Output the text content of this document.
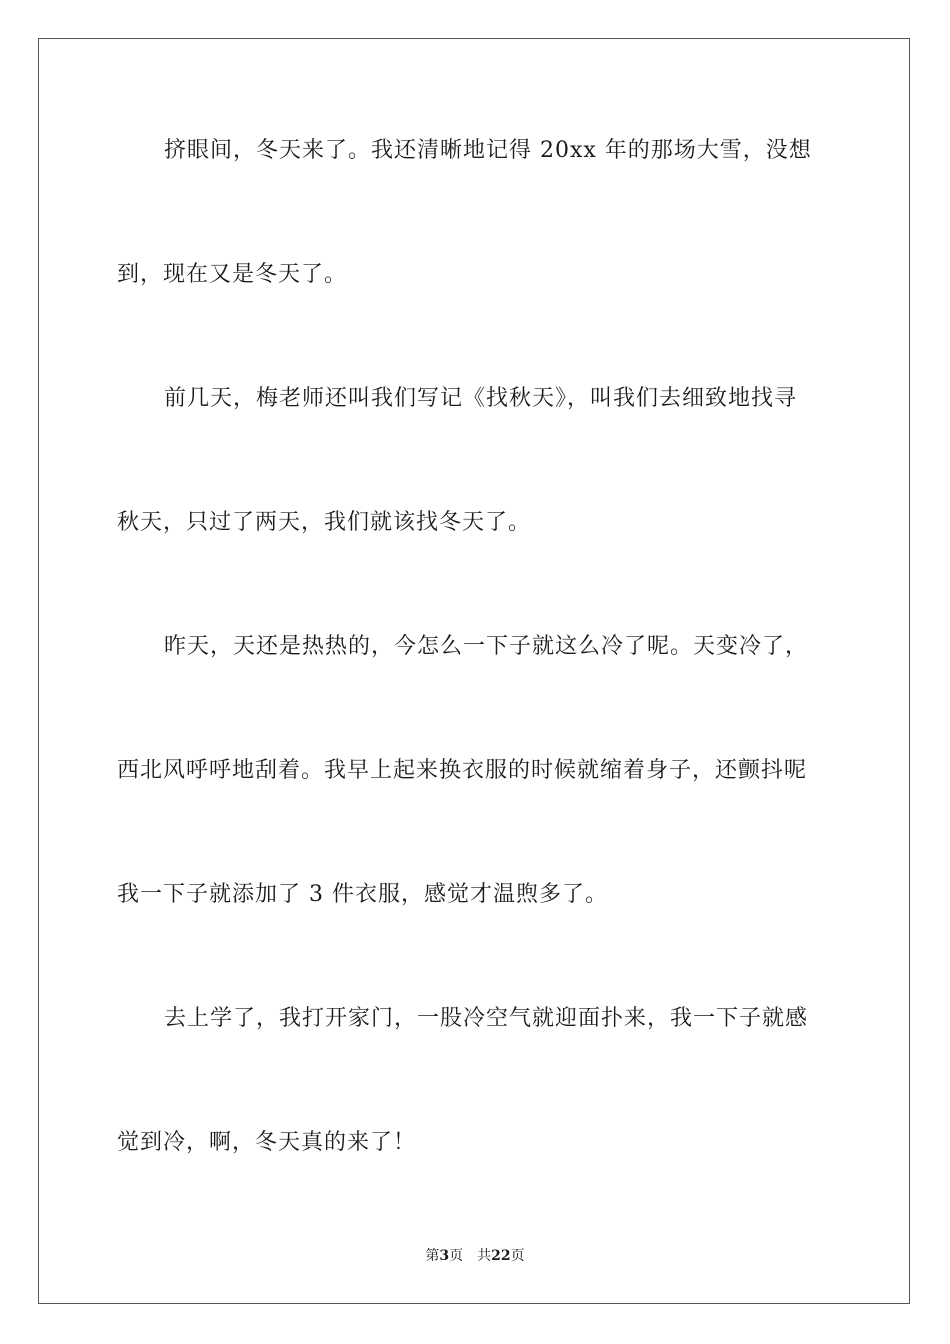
挤眼间，冬天来了。我还清晰地记得 20xx 年的那场大雪，没想
到，现在又是冬天了。
前几天，梅老师还叫我们写记《找秋天》，叫我们去细致地找寻
秋天，只过了两天，我们就该找冬天了。
昨天，天还是热热的，今怎么一下子就这么冷了呢。天变冷了，
西北风呼呼地刮着。我早上起来换衣服的时候就缩着身子，还颤抖呢
我一下子就添加了 3 件衣服，感觉才温煦多了。
去上学了，我打开家门，一股冷空气就迎面扑来，我一下子就感
觉到冷，啊，冬天真的来了！
第3页 共22页
